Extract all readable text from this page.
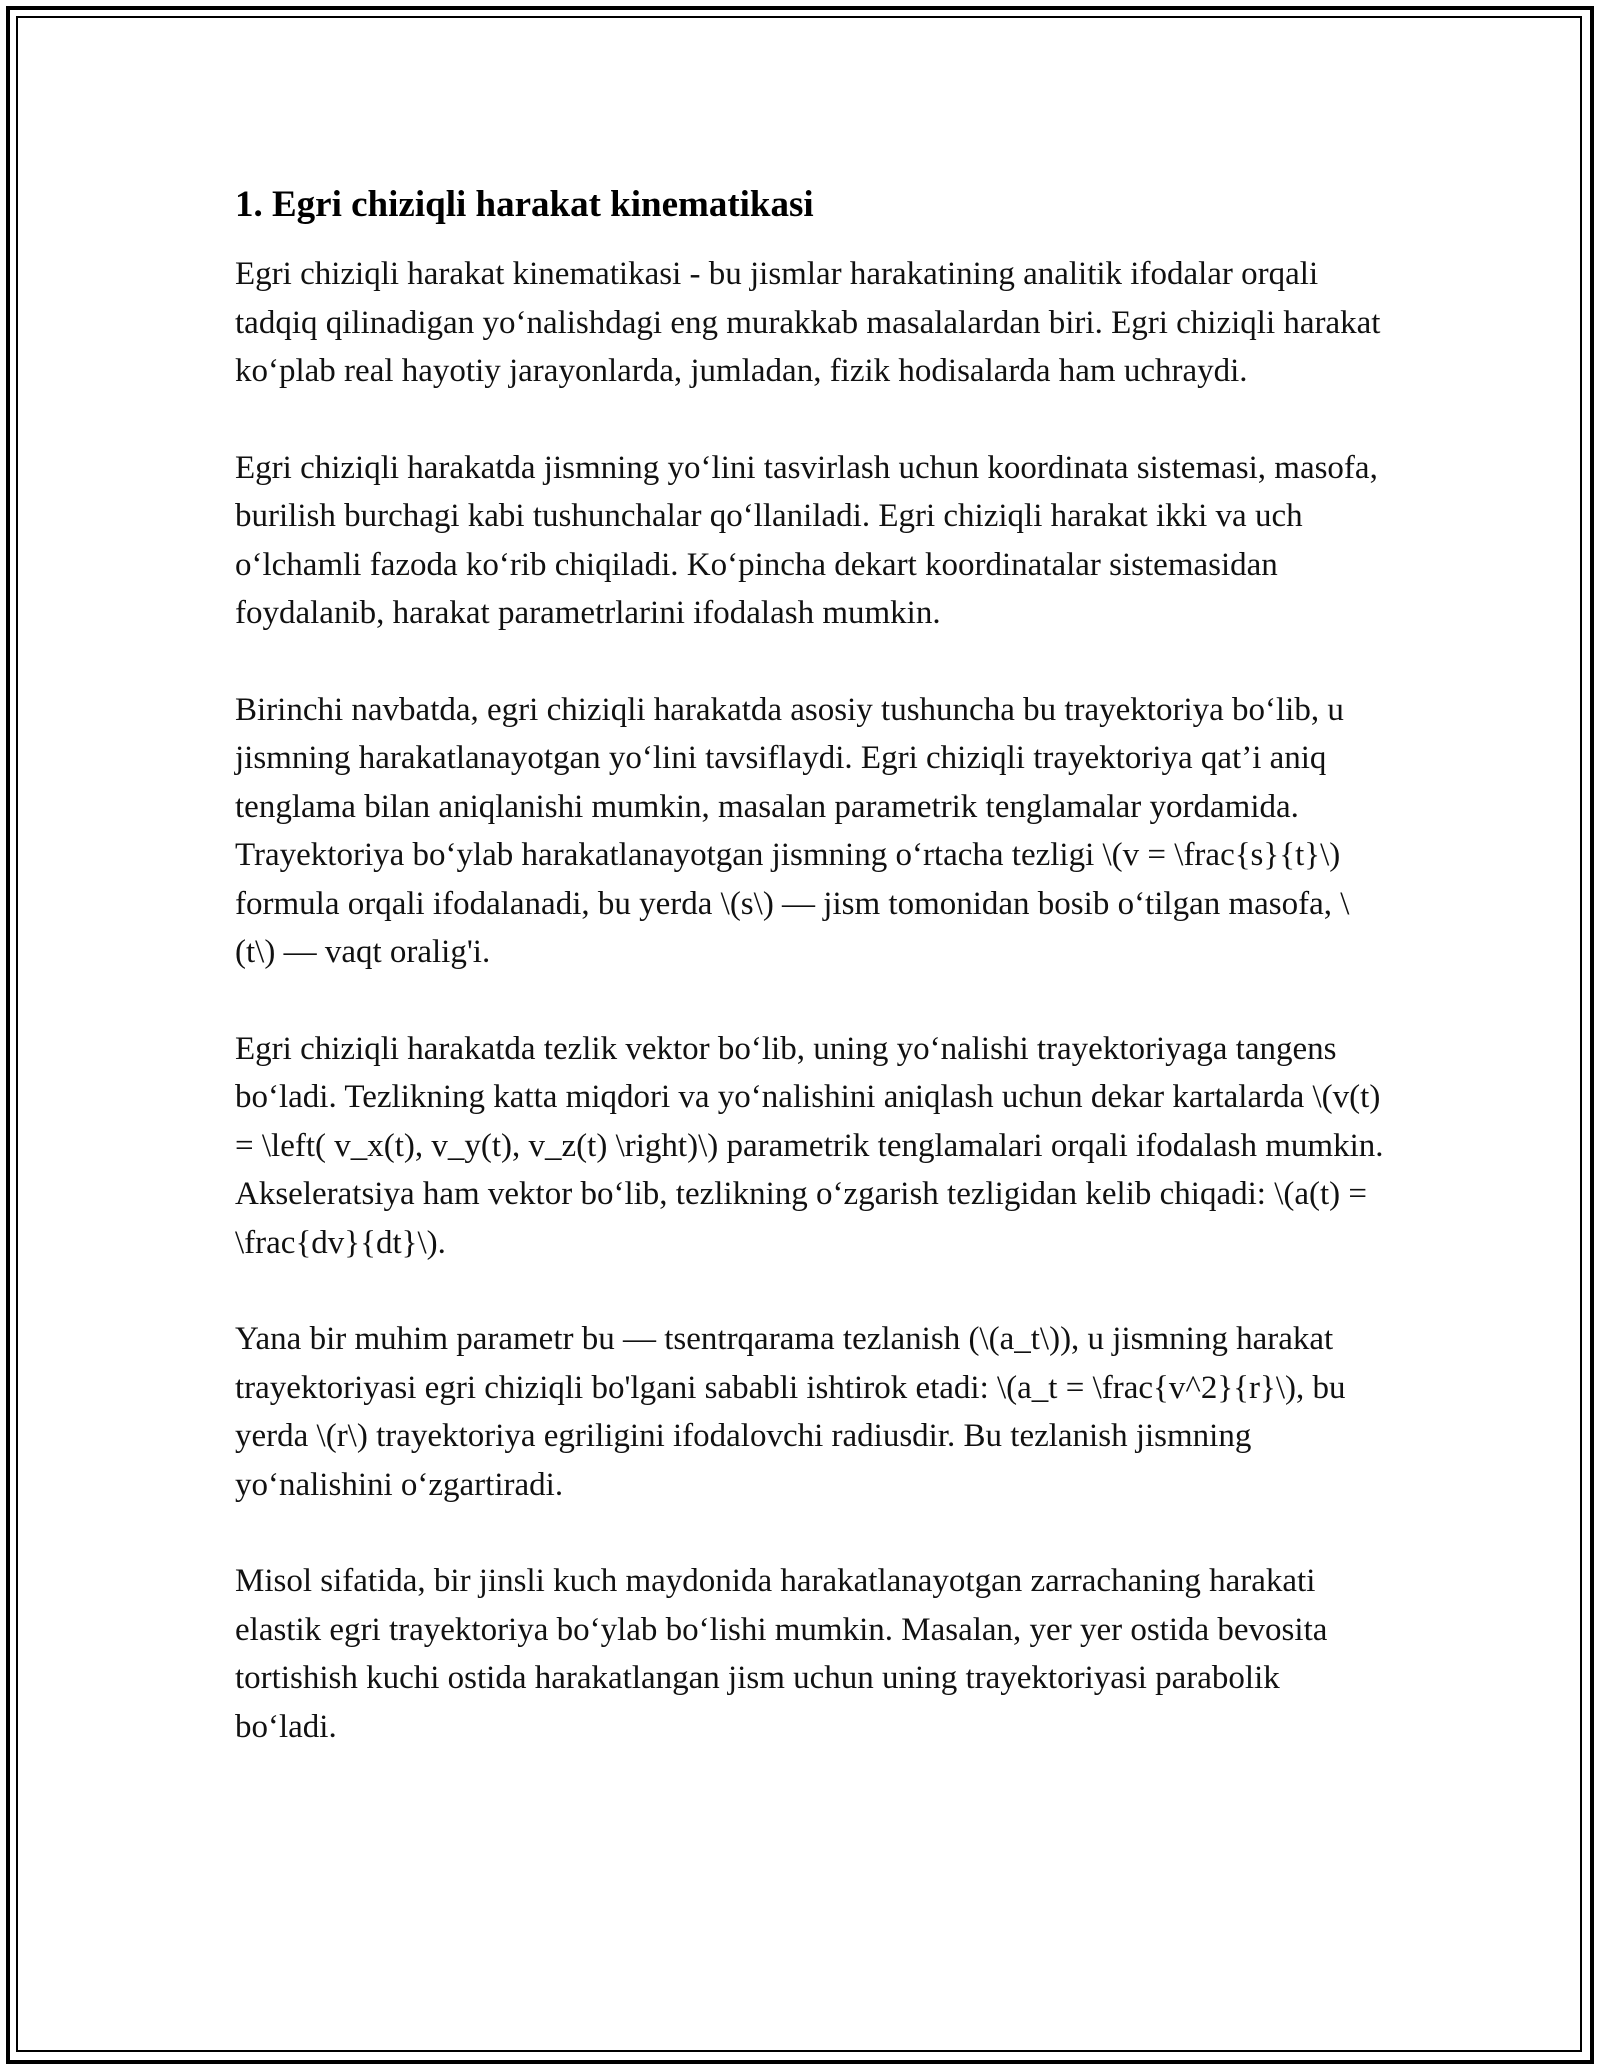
1. Egri chiziqli harakat kinematikasi

Egri chiziqli harakat kinematikasi - bu jismlar harakatining analitik ifodalar orqali tadqiq qilinadigan yo‘nalishdagi eng murakkab masalalardan biri. Egri chiziqli harakat ko‘plab real hayotiy jarayonlarda, jumladan, fizik hodisalarda ham uchraydi.

Egri chiziqli harakatda jismning yo‘lini tasvirlash uchun koordinata sistemasi, masofa, burilish burchagi kabi tushunchalar qo‘llaniladi. Egri chiziqli harakat ikki va uch o‘lchamli fazoda ko‘rib chiqiladi. Ko‘pincha dekart koordinatalar sistemasidan foydalanib, harakat parametrlarini ifodalash mumkin.

Birinchi navbatda, egri chiziqli harakatda asosiy tushuncha bu trayektoriya bo‘lib, u jismning harakatlanayotgan yo‘lini tavsiflaydi. Egri chiziqli trayektoriya qat’i aniq tenglama bilan aniqlanishi mumkin, masalan parametrik tenglamalar yordamida. Trayektoriya bo‘ylab harakatlanayotgan jismning o‘rtacha tezligi \(v = \frac{s}{t}\) formula orqali ifodalanadi, bu yerda \(s\) — jism tomonidan bosib o‘tilgan masofa, \(t\) — vaqt oralig'i.

Egri chiziqli harakatda tezlik vektor bo‘lib, uning yo‘nalishi trayektoriyaga tangens bo‘ladi. Tezlikning katta miqdori va yo‘nalishini aniqlash uchun dekar kartalarda \(v(t) = \left( v_x(t), v_y(t), v_z(t) \right)\) parametrik tenglamalari orqali ifodalash mumkin. Akseleratsiya ham vektor bo‘lib, tezlikning o‘zgarish tezligidan kelib chiqadi: \(a(t) = \frac{dv}{dt}\).

Yana bir muhim parametr bu — tsentrqarama tezlanish (\(a_t\)), u jismning harakat trayektoriyasi egri chiziqli bo'lgani sababli ishtirok etadi: \(a_t = \frac{v^2}{r}\), bu yerda \(r\) trayektoriya egriligini ifodalovchi radiusdir. Bu tezlanish jismning yo‘nalishini o‘zgartiradi.

Misol sifatida, bir jinsli kuch maydonida harakatlanayotgan zarrachaning harakati elastik egri trayektoriya bo‘ylab bo‘lishi mumkin. Masalan, yer yer ostida bevosita tortishish kuchi ostida harakatlangan jism uchun uning trayektoriyasi parabolik bo‘ladi.
